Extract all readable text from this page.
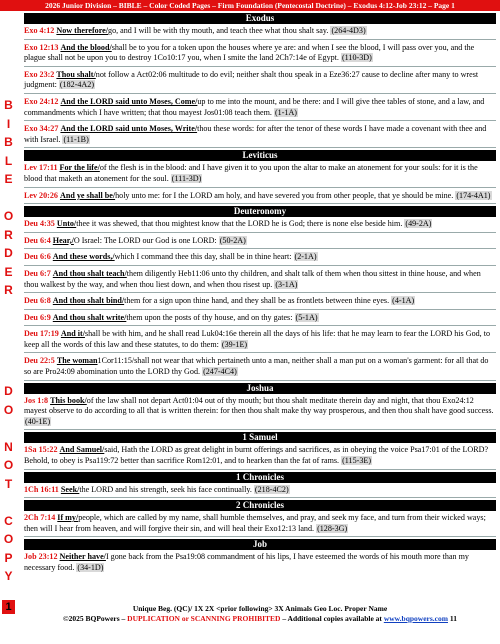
2026 Junior Division – BIBLE – Color Coded Pages – Firm Foundation (Pentecostal Doctrine) – Exodus 4:12-Job 23:12 – Page 1
B
I
B
L
E

O
R
D
E
R
D
O

N
O
T

C
O
P
Y
1
Exodus
Exo 4:12 Now therefore/go, and I will be with thy mouth, and teach thee what thou shalt say. (264-4D3)
Exo 12:13 And the blood/shall be to you for a token upon the houses where ye are: and when I see the blood, I will pass over you, and the plague shall not be upon you to destroy 1Co10:17 you, when I smite the land 2Ch7:14e of Egypt. (110-3D)
Exo 23:2 Thou shalt/not follow a Act02:06 multitude to do evil; neither shalt thou speak in a Eze36:27 cause to decline after many to wrest judgment: (182-4A2)
Exo 24:12 And the LORD said unto Moses, Come/up to me into the mount, and be there: and I will give thee tables of stone, and a law, and commandments which I have written; that thou mayest Jos01:08 teach them. (1-1A)
Exo 34:27 And the LORD said unto Moses, Write/thou these words: for after the tenor of these words I have made a covenant with thee and with Israel. (11-1B)
Leviticus
Lev 17:11 For the life/of the flesh is in the blood: and I have given it to you upon the altar to make an atonement for your souls: for it is the blood that maketh an atonement for the soul. (111-3D)
Lev 20:26 And ye shall be/holy unto me: for I the LORD am holy, and have severed you from other people, that ye should be mine. (174-4A1)
Deuteronomy
Deu 4:35 Unto/thee it was shewed, that thou mightest know that the LORD he is God; there is none else beside him. (49-2A)
Deu 6:4 Hear,/O Israel: The LORD our God is one LORD: (50-2A)
Deu 6:6 And these words,/which I command thee this day, shall be in thine heart: (2-1A)
Deu 6:7 And thou shalt teach/them diligently Heb11:06 unto thy children, and shalt talk of them when thou sittest in thine house, and when thou walkest by the way, and when thou liest down, and when thou risest up. (3-1A)
Deu 6:8 And thou shalt bind/them for a sign upon thine hand, and they shall be as frontlets between thine eyes. (4-1A)
Deu 6:9 And thou shalt write/them upon the posts of thy house, and on thy gates: (5-1A)
Deu 17:19 And it/shall be with him, and he shall read Luk04:16e therein all the days of his life: that he may learn to fear the LORD his God, to keep all the words of this law and these statutes, to do them: (39-1E)
Deu 22:5 The woman1Cor11:15/shall not wear that which pertaineth unto a man, neither shall a man put on a woman's garment: for all that do so are Pro24:09 abomination unto the LORD thy God. (247-4C4)
Joshua
Jos 1:8 This book/of the law shall not depart Act01:04 out of thy mouth; but thou shalt meditate therein day and night, that thou Exo24:12 mayest observe to do according to all that is written therein: for then thou shalt make thy way prosperous, and then thou shalt have good success. (40-1E)
1 Samuel
1Sa 15:22 And Samuel/said, Hath the LORD as great delight in burnt offerings and sacrifices, as in obeying the voice Psa17:01 of the LORD? Behold, to obey is Psa119:72 better than sacrifice Rom12:01, and to hearken than the fat of rams. (115-3E)
1 Chronicles
1Ch 16:11 Seek/the LORD and his strength, seek his face continually. (218-4C2)
2 Chronicles
2Ch 7:14 If my/people, which are called by my name, shall humble themselves, and pray, and seek my face, and turn from their wicked ways; then will I hear from heaven, and will forgive their sin, and will heal their Exo12:13 land. (128-3G)
Job
Job 23:12 Neither have/I gone back from the Psa19:08 commandment of his lips, I have esteemed the words of his mouth more than my necessary food. (34-1D)
Unique Beg. (QC)/ 1X 2X <prior following> 3X Animals Geo Loc. Proper Name
©2025 BQPowers – DUPLICATION or SCANNING PROHIBITED – Additional copies available at www.bqpowers.com 11
